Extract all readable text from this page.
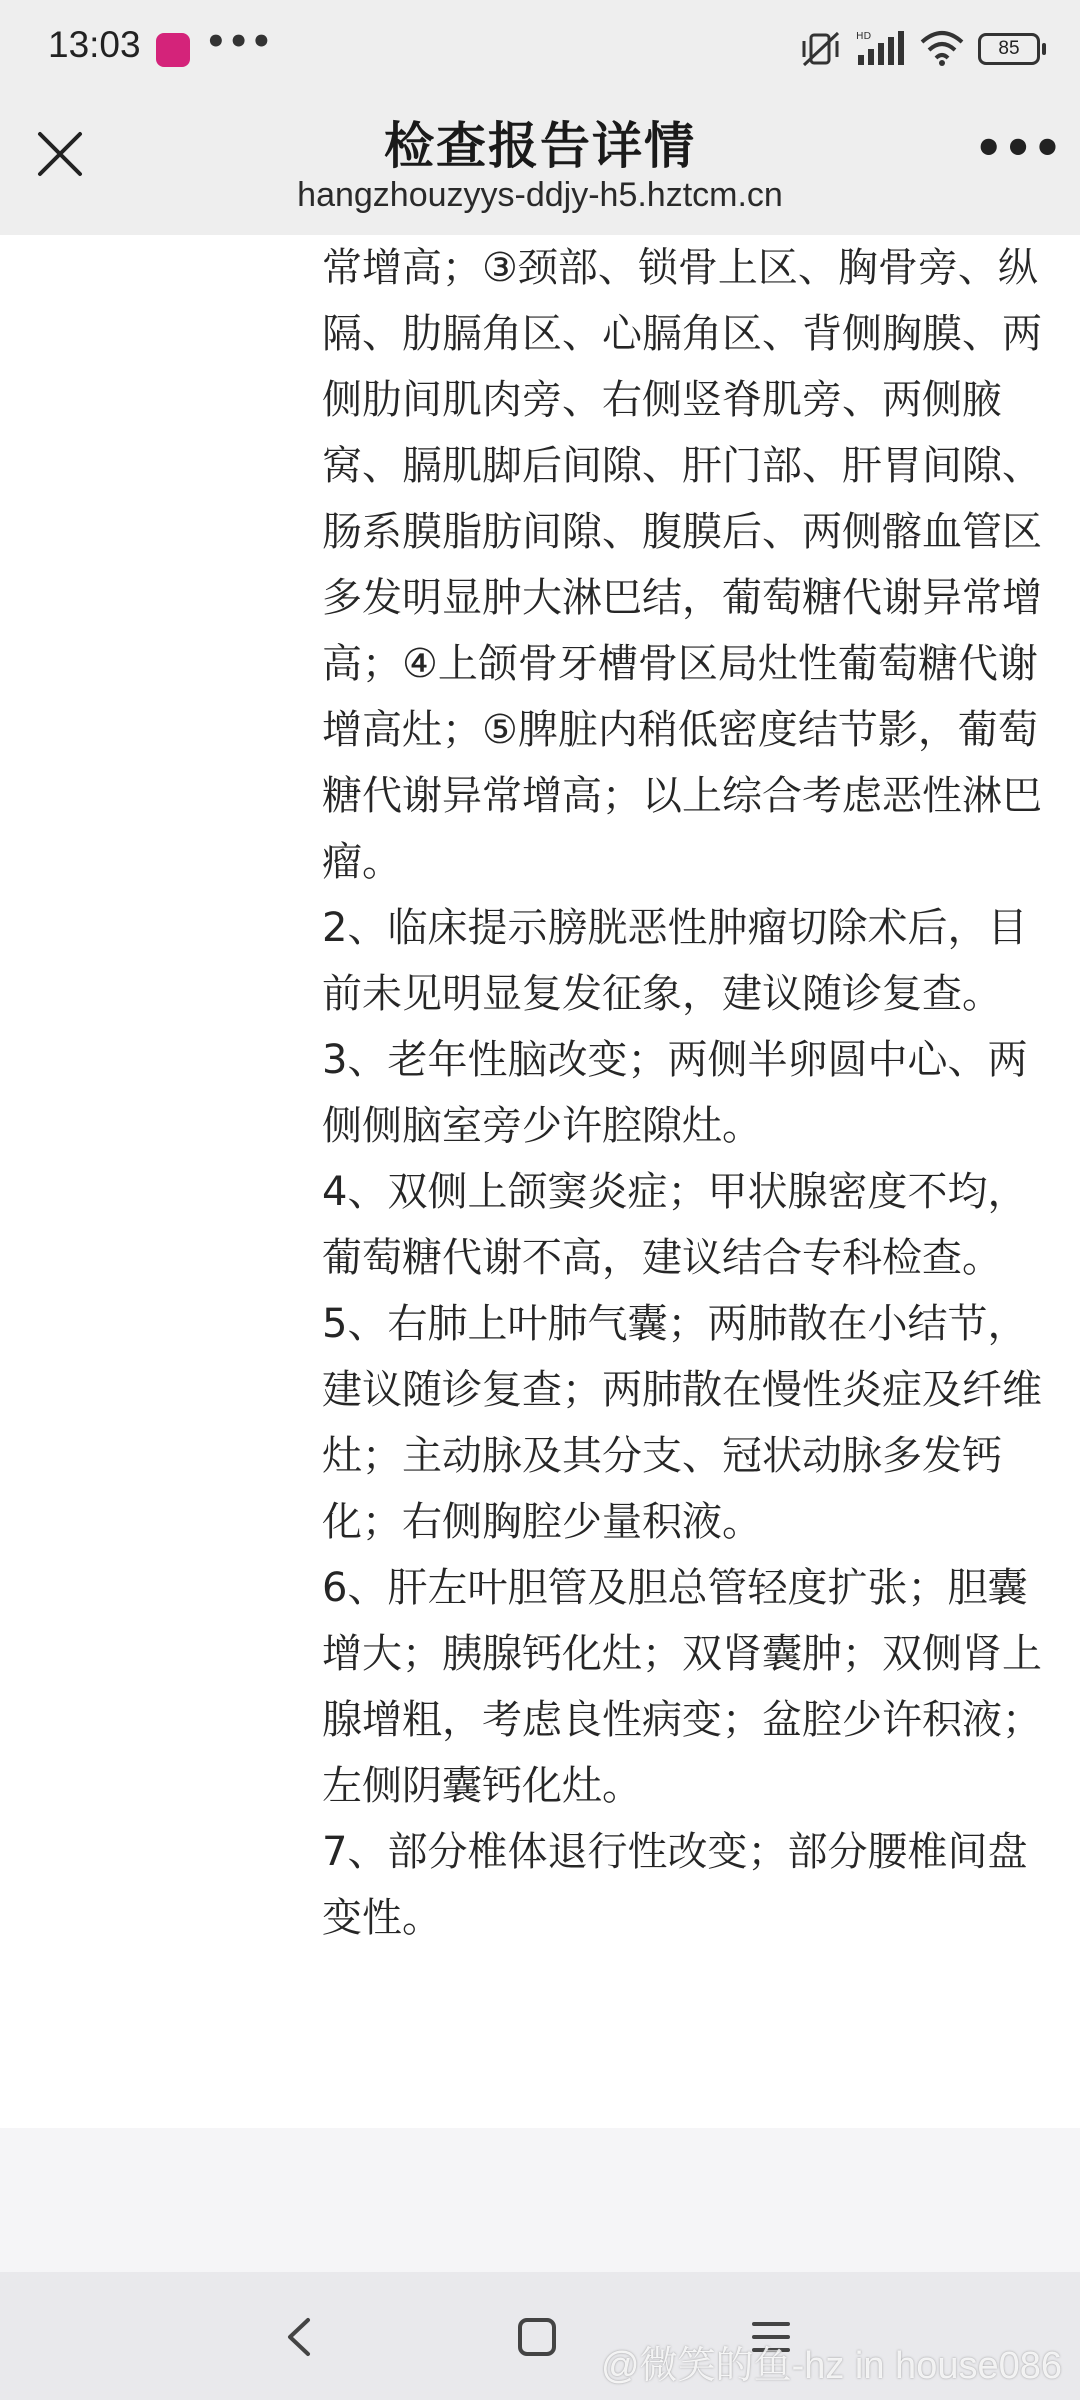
13:03 •••	HD
85
检查报告详情
hangzhouzyys-ddjy-h5.hztcm.cn
•••

常增高；③颈部、锁骨上区、胸骨旁、纵隔、肋膈角区、心膈角区、背侧胸膜、两侧肋间肌肉旁、右侧竖脊肌旁、两侧腋窝、膈肌脚后间隙、肝门部、肝胃间隙、肠系膜脂肪间隙、腹膜后、两侧髂血管区多发明显肿大淋巴结，葡萄糖代谢异常增高；④上颌骨牙槽骨区局灶性葡萄糖代谢增高灶；⑤脾脏内稍低密度结节影，葡萄糖代谢异常增高；以上综合考虑恶性淋巴瘤。

2、临床提示膀胱恶性肿瘤切除术后，目前未见明显复发征象，建议随诊复查。

3、老年性脑改变；两侧半卵圆中心、两侧侧脑室旁少许腔隙灶。

4、双侧上颌窦炎症；甲状腺密度不均，葡萄糖代谢不高，建议结合专科检查。

5、右肺上叶肺气囊；两肺散在小结节，建议随诊复查；两肺散在慢性炎症及纤维灶；主动脉及其分支、冠状动脉多发钙化；右侧胸腔少量积液。

6、肝左叶胆管及胆总管轻度扩张；胆囊增大；胰腺钙化灶；双肾囊肿；双侧肾上腺增粗，考虑良性病变；盆腔少许积液；左侧阴囊钙化灶。

7、部分椎体退行性改变；部分腰椎间盘变性。

@微笑的鱼-hz in house086
